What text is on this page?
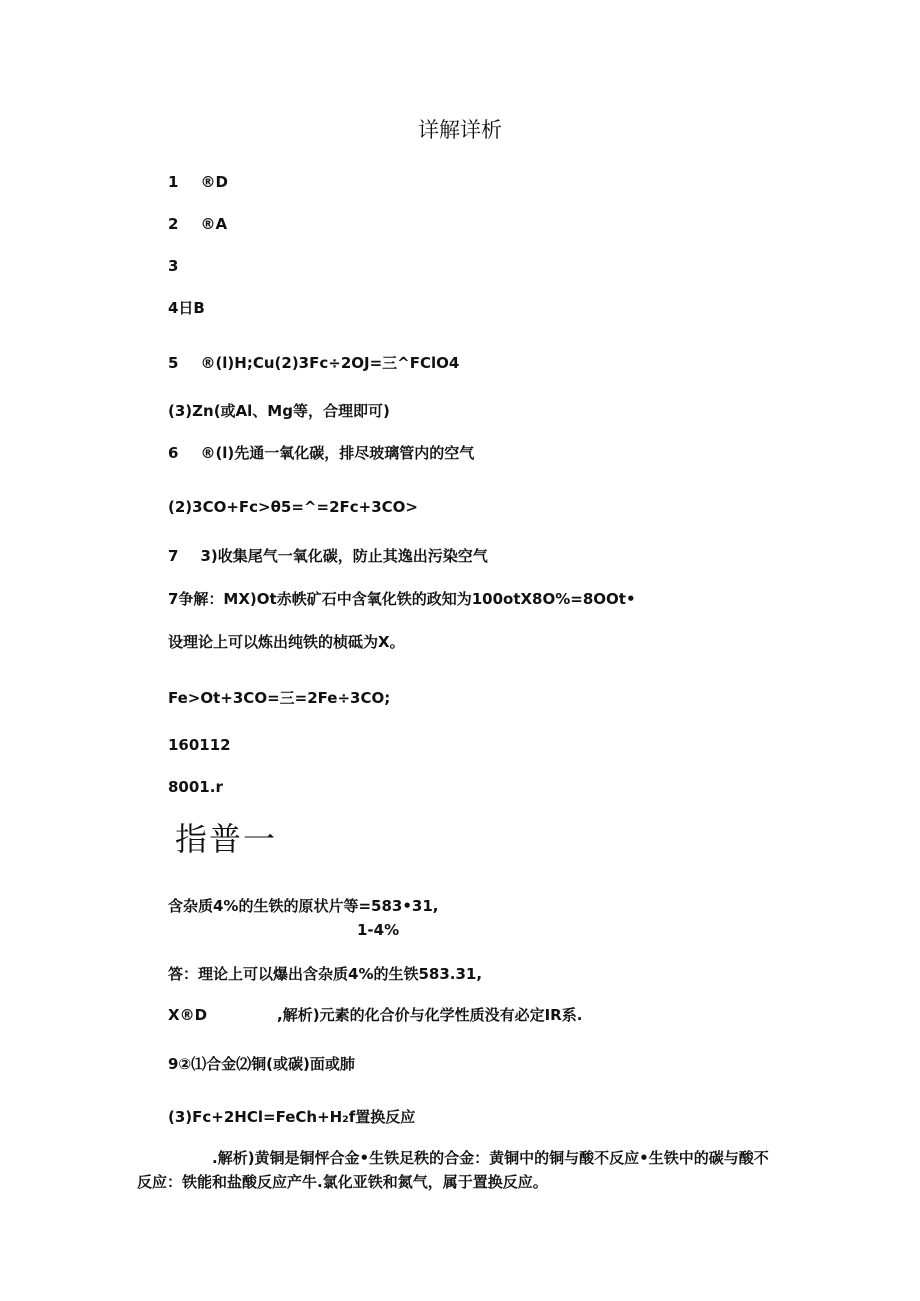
详解详析

1 ®D

2 ®A

3

4日B

5 ®(l)H;Cu(2)3Fc÷2OJ=三^FClO4

(3)Zn(或Al、Mg等，合理即可)

6 ®(l)先通一氧化碳，排尽玻璃管内的空气

(2)3CO+Fc>θ5=^=2Fc+3CO>

7 3)收集尾气一氧化碳，防止其逸出污染空气

7争解：MX)Ot赤帙矿石中含氧化铁的政知为100otX8O%=8OOt•

设理论上可以炼出纯铁的桢砥为X。

Fe>Ot+3CO=三=2Fe÷3CO;

160112

8001.r

指普一

含杂质4%的生铁的原状片等=583•31,

1-4%

答：理论上可以爆出含杂质4%的生铁583.31,

X®D	,解析)元素的化合价与化学性质没有必定IR系.

9②⑴合金⑵铜(或碳)面或肺

(3)Fc+2HCl=FeCh+H₂f置换反应

.解析)黄铜是铜怦合金•生铁足秩的合金：黄铜中的铜与酸不反应•生铁中的碳与酸不

反应：铁能和盐酸反应产牛.氯化亚铁和氮气，属于置换反应。
